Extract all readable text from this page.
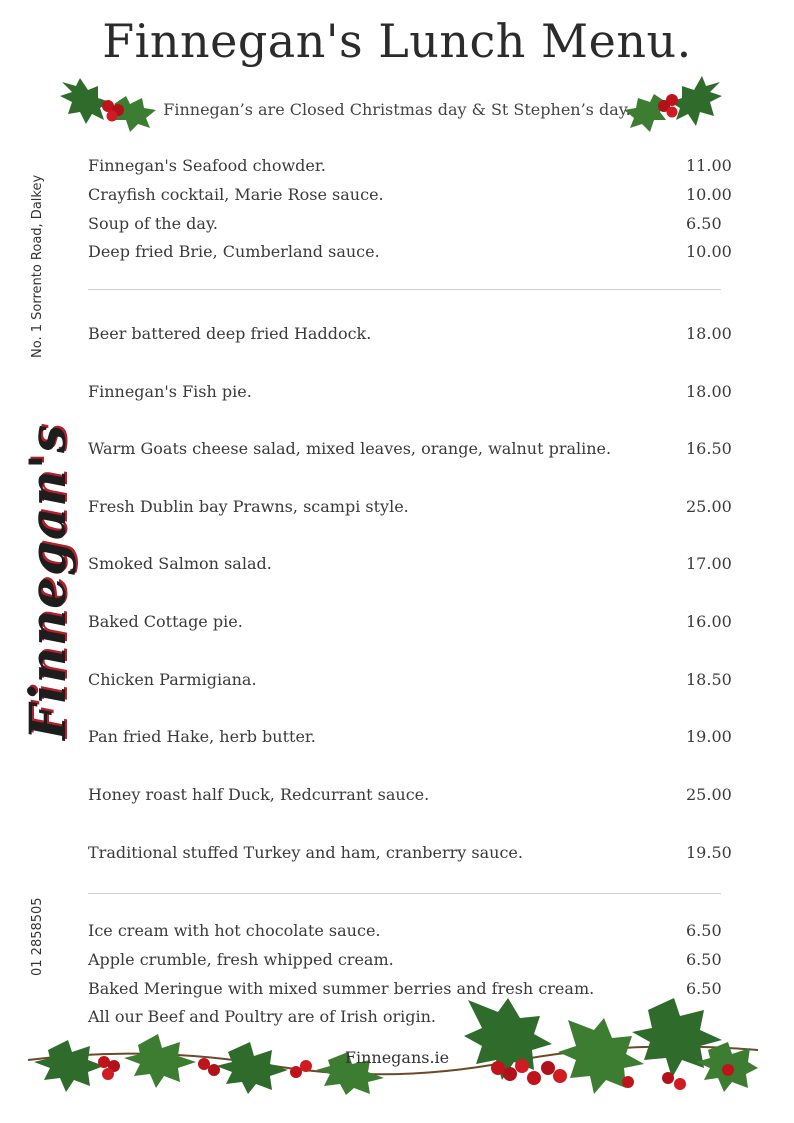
Finnegan's Lunch Menu.
Finnegan’s are Closed Christmas day & St Stephen’s day.
No. 1 Sorrento Road, Dalkey
Finnegan's
01 2858505
Finnegan's Seafood chowder.	11.00
Crayfish cocktail, Marie Rose sauce.	10.00
Soup of the day.	6.50
Deep fried Brie, Cumberland sauce.	10.00
Beer battered deep fried Haddock.	18.00
Finnegan's Fish pie.	18.00
Warm Goats cheese salad, mixed leaves, orange, walnut praline.	16.50
Fresh Dublin bay Prawns, scampi style.	25.00
Smoked Salmon salad.	17.00
Baked Cottage pie.	16.00
Chicken Parmigiana.	18.50
Pan fried Hake, herb butter.	19.00
Honey roast half Duck, Redcurrant sauce.	25.00
Traditional stuffed Turkey and ham, cranberry sauce.	19.50
Ice cream with hot chocolate sauce.	6.50
Apple crumble, fresh whipped cream.	6.50
Baked Meringue with mixed summer berries and fresh cream.	6.50
All our Beef and Poultry are of Irish origin.
Finnegans.ie
